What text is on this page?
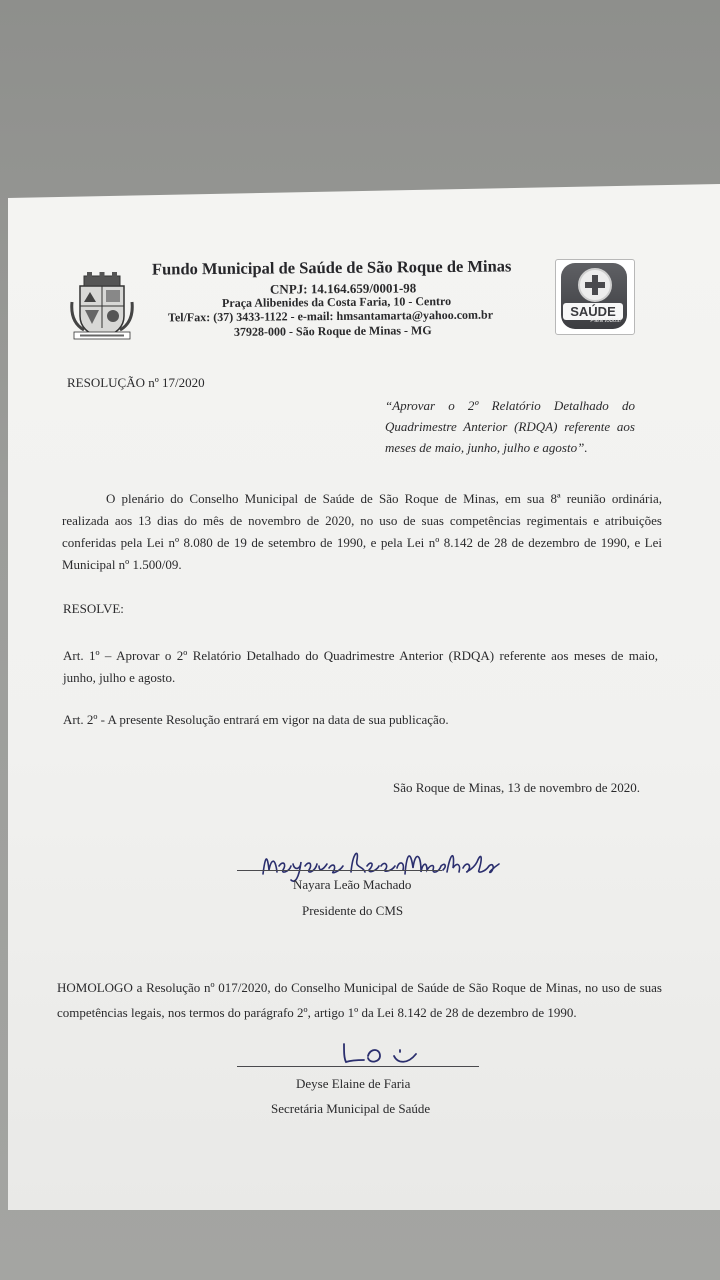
Fundo Municipal de Saúde de São Roque de Minas
CNPJ: 14.164.659/0001-98
Praça Alibenides da Costa Faria, 10 - Centro
Tel/Fax: (37) 3433-1122 - e-mail: hmsantamarta@yahoo.com.br
37928-000 - São Roque de Minas - MG
SAÚDE
Para todos!
RESOLUÇÃO nº 17/2020
“Aprovar o 2º Relatório Detalhado do Quadrimestre Anterior (RDQA) referente aos meses de maio, junho, julho e agosto”.
O plenário do Conselho Municipal de Saúde de São Roque de Minas, em sua 8ª reunião ordinária, realizada aos 13 dias do mês de novembro de 2020, no uso de suas competências regimentais e atribuições conferidas pela Lei nº 8.080 de 19 de setembro de 1990, e pela Lei nº 8.142 de 28 de dezembro de 1990, e Lei Municipal nº 1.500/09.
RESOLVE:
Art. 1º – Aprovar o 2º Relatório Detalhado do Quadrimestre Anterior (RDQA) referente aos meses de maio, junho, julho e agosto.
Art. 2º - A presente Resolução entrará em vigor na data de sua publicação.
São Roque de Minas, 13 de novembro de 2020.
Nayara Leão Machado
Presidente do CMS
HOMOLOGO a Resolução nº 017/2020, do Conselho Municipal de Saúde de São Roque de Minas, no uso de suas competências legais, nos termos do parágrafo 2º, artigo 1º da Lei 8.142 de 28 de dezembro de 1990.
Deyse Elaine de Faria
Secretária Municipal de Saúde
